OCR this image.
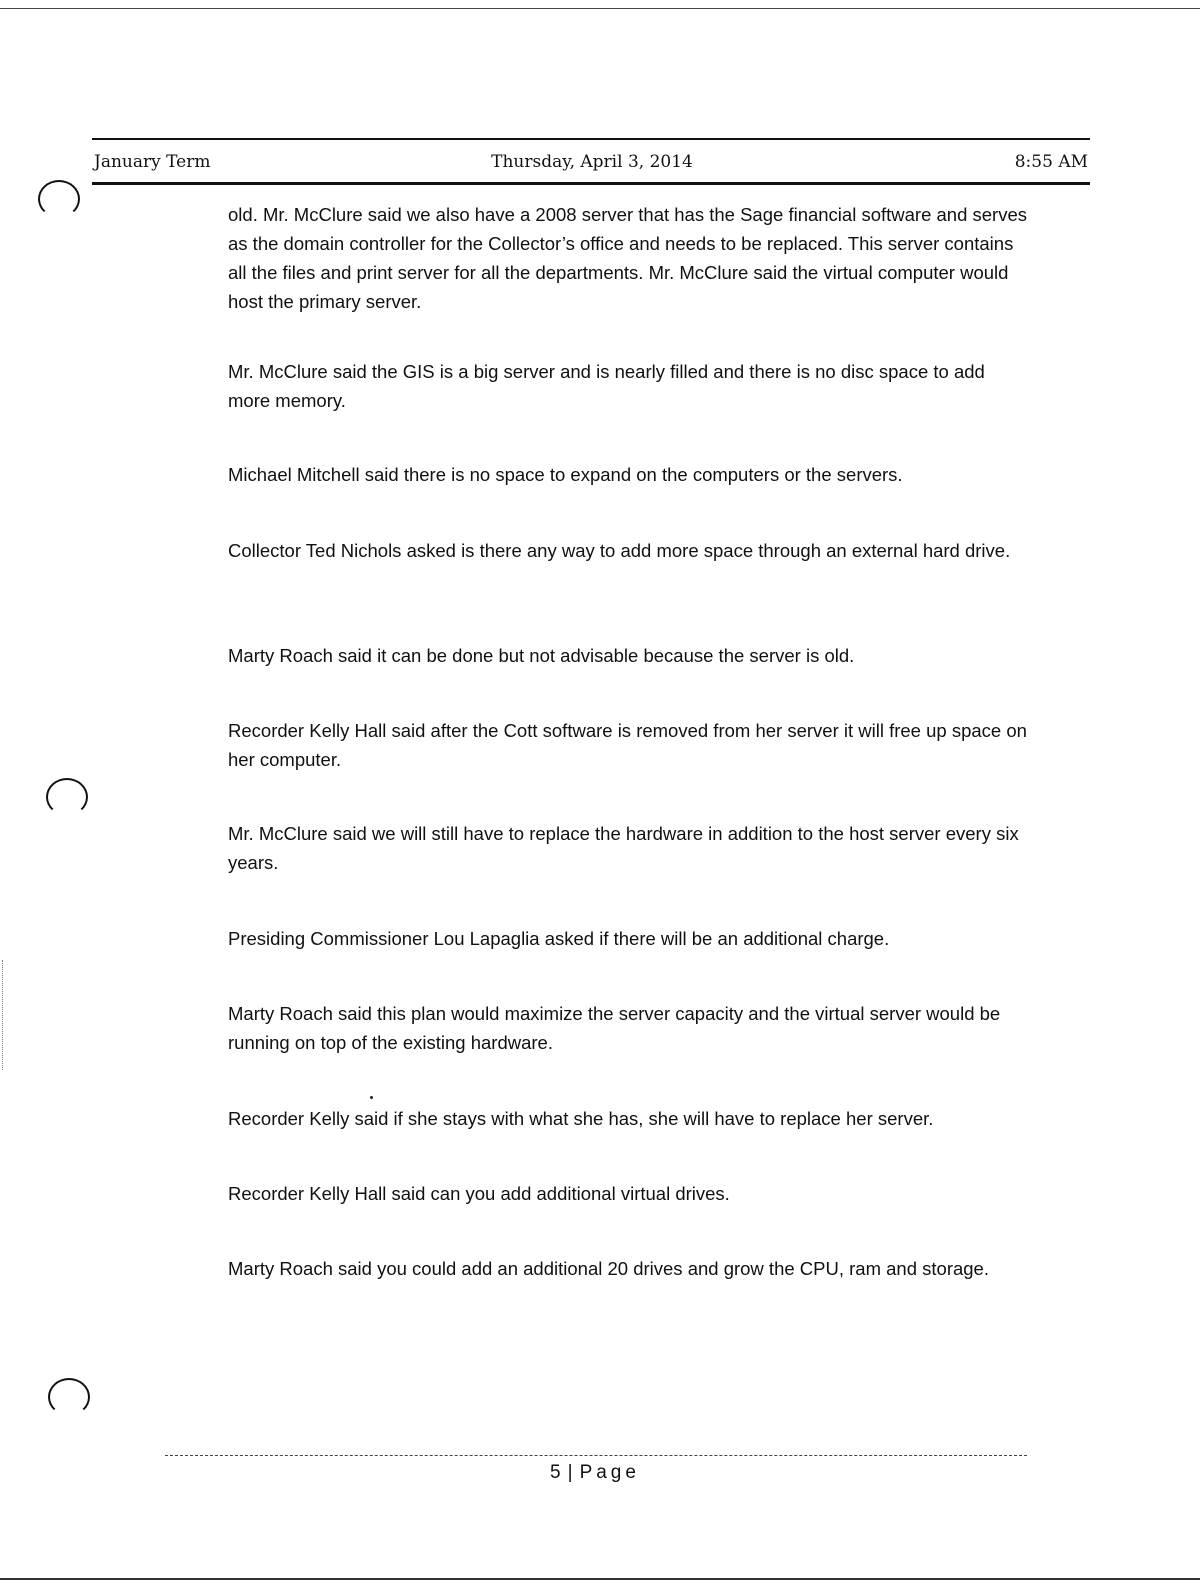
January Term	Thursday, April 3, 2014	8:55 AM

old. Mr. McClure said we also have a 2008 server that has the Sage financial software and serves as the domain controller for the Collector’s office and needs to be replaced. This server contains all the files and print server for all the departments. Mr. McClure said the virtual computer would host the primary server.

Mr. McClure said the GIS is a big server and is nearly filled and there is no disc space to add more memory.

Michael Mitchell said there is no space to expand on the computers or the servers.

Collector Ted Nichols asked is there any way to add more space through an external hard drive.

Marty Roach said it can be done but not advisable because the server is old.

Recorder Kelly Hall said after the Cott software is removed from her server it will free up space on her computer.

Mr. McClure said we will still have to replace the hardware in addition to the host server every six years.

Presiding Commissioner Lou Lapaglia asked if there will be an additional charge.

Marty Roach said this plan would maximize the server capacity and the virtual server would be running on top of the existing hardware.

Recorder Kelly said if she stays with what she has, she will have to replace her server.

Recorder Kelly Hall said can you add additional virtual drives.

Marty Roach said you could add an additional 20 drives and grow the CPU, ram and storage.

5 | Page
